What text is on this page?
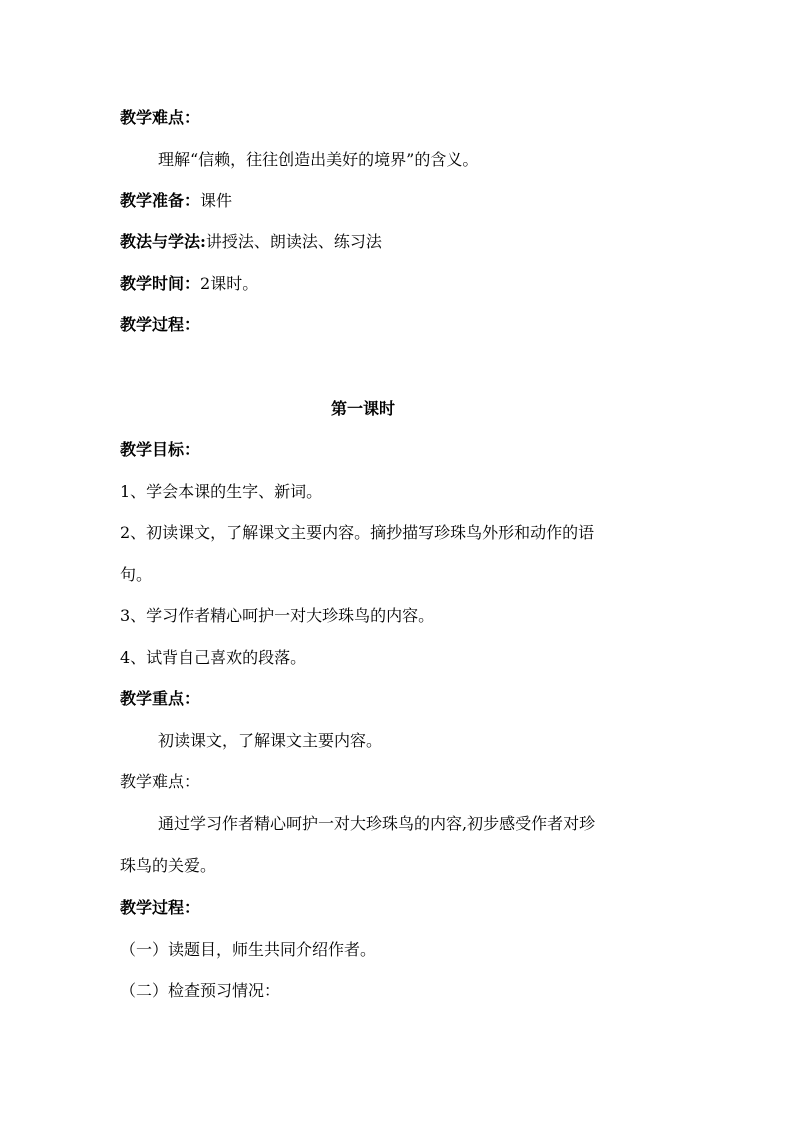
教学难点：
理解“信赖，往往创造出美好的境界”的含义。
教学准备：课件
教法与学法:讲授法、朗读法、练习法
教学时间：2课时。
教学过程：
第一课时
教学目标：
1、学会本课的生字、新词。
2、初读课文，了解课文主要内容。摘抄描写珍珠鸟外形和动作的语
句。
3、学习作者精心呵护一对大珍珠鸟的内容。
4、试背自己喜欢的段落。
教学重点：
初读课文，了解课文主要内容。
教学难点：
通过学习作者精心呵护一对大珍珠鸟的内容,初步感受作者对珍
珠鸟的关爱。
教学过程：
（一）读题目，师生共同介绍作者。
（二）检查预习情况：
